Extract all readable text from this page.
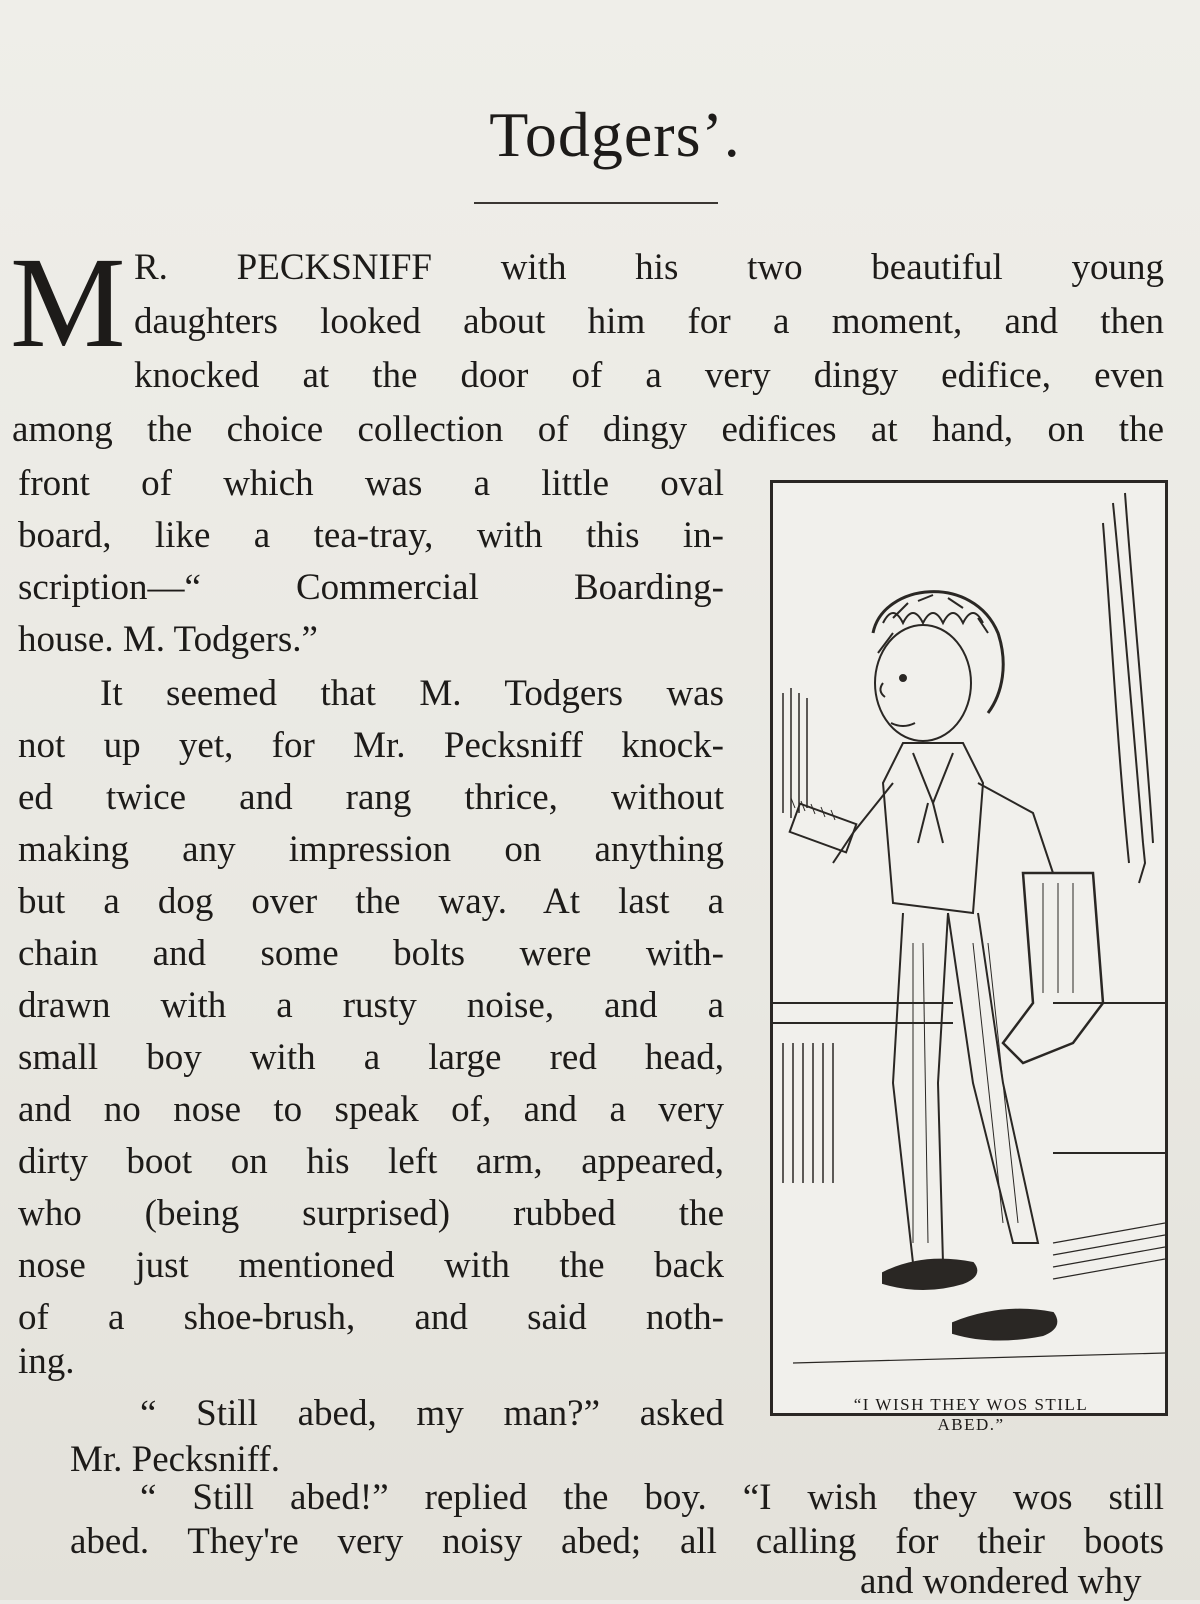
Todgers’.
M R. PECKSNIFF with his two beautiful young
daughters looked about him for a moment, and then
knocked at the door of a very dingy edifice, even
among the choice collection of dingy edifices at hand, on the
front of which was a little oval
board, like a tea-tray, with this in-
scription—“ Commercial Boarding-
house. M. Todgers.”
It seemed that M. Todgers was
not up yet, for Mr. Pecksniff knock-
ed twice and rang thrice, without
making any impression on anything
but a dog over the way. At last a
chain and some bolts were with-
drawn with a rusty noise, and a
small boy with a large red head,
and no nose to speak of, and a very
dirty boot on his left arm, appeared,
who (being surprised) rubbed the
nose just mentioned with the back
of a shoe-brush, and said noth-
ing.
“ Still abed, my man?” asked
Mr. Pecksniff.
“ Still abed!” replied the boy. “I wish they wos still
abed. They're very noisy abed; all calling for their boots
and wondered why
“I WISH THEY WOS STILL
ABED.”
